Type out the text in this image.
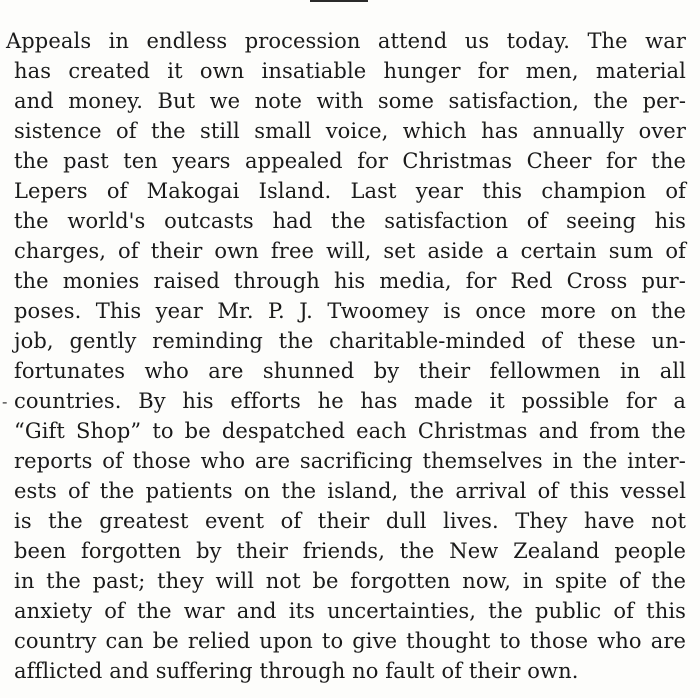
-
Appeals in endless procession attend us today. The war
has created it own insatiable hunger for men, material
and money. But we note with some satisfaction, the per-
sistence of the still small voice, which has annually over
the past ten years appealed for Christmas Cheer for the
Lepers of Makogai Island. Last year this champion of
the world's outcasts had the satisfaction of seeing his
charges, of their own free will, set aside a certain sum of
the monies raised through his media, for Red Cross pur-
poses. This year Mr. P. J. Twoomey is once more on the
job, gently reminding the charitable-minded of these un-
fortunates who are shunned by their fellowmen in all
countries. By his efforts he has made it possible for a
“Gift Shop” to be despatched each Christmas and from the
reports of those who are sacrificing themselves in the inter-
ests of the patients on the island, the arrival of this vessel
is the greatest event of their dull lives. They have not
been forgotten by their friends, the New Zealand people
in the past; they will not be forgotten now, in spite of the
anxiety of the war and its uncertainties, the public of this
country can be relied upon to give thought to those who are
afflicted and suffering through no fault of their own.
